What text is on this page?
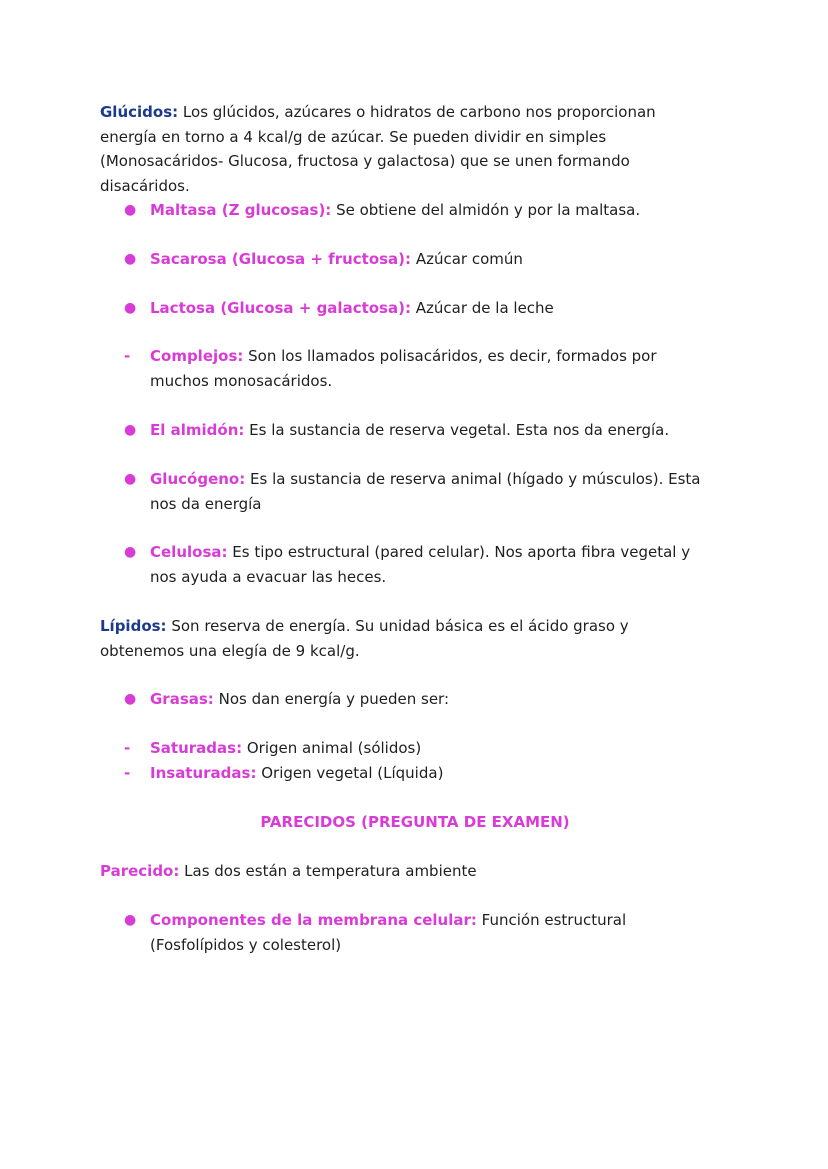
Glúcidos: Los glúcidos, azúcares o hidratos de carbono nos proporcionan energía en torno a 4 kcal/g de azúcar. Se pueden dividir en simples (Monosacáridos- Glucosa, fructosa y galactosa) que se unen formando disacáridos.

● Maltasa (Z glucosas): Se obtiene del almidón y por la maltasa.
● Sacarosa (Glucosa + fructosa): Azúcar común
● Lactosa (Glucosa + galactosa): Azúcar de la leche
-	Complejos: Son los llamados polisacáridos, es decir, formados por muchos monosacáridos.
● El almidón: Es la sustancia de reserva vegetal. Esta nos da energía.
● Glucógeno: Es la sustancia de reserva animal (hígado y músculos). Esta nos da energía
● Celulosa: Es tipo estructural (pared celular). Nos aporta fibra vegetal y nos ayuda a evacuar las heces.

Lípidos: Son reserva de energía. Su unidad básica es el ácido graso y obtenemos una elegía de 9 kcal/g.

● Grasas: Nos dan energía y pueden ser:
-	Saturadas: Origen animal (sólidos)
-	Insaturadas: Origen vegetal (Líquida)

PARECIDOS (PREGUNTA DE EXAMEN)

Parecido: Las dos están a temperatura ambiente

● Componentes de la membrana celular: Función estructural (Fosfolípidos y colesterol)
